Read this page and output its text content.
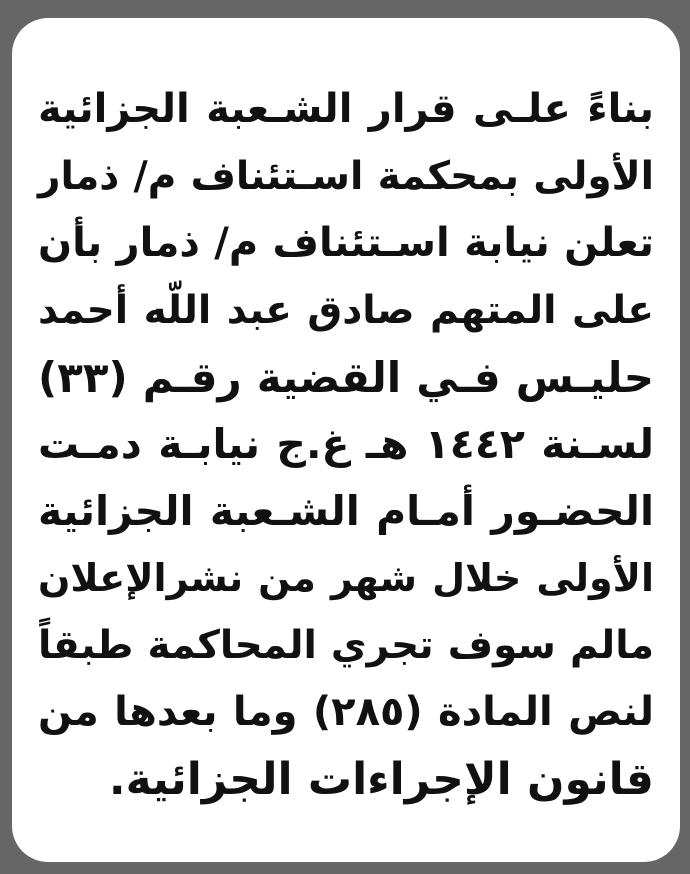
بناءً علـى قرار الشـعبة الجزائية
الأولى بمحكمة اسـتئناف م/ ذمار
تعلن نيابة اسـتئناف م/ ذمار بأن
على المتهم صادق عبد اللّه أحمد
حليـس فـي القضية رقـم (٣٣)
لسـنة ١٤٤٢ هـ غ.ج نيابـة دمـت
الحضـور أمـام الشـعبة الجزائية
الأولى خلال شهر من نشرالإعلان
مالم سوف تجري المحاكمة طبقاً
لنص المادة (٢٨٥) وما بعدها من
قانون الإجراءات الجزائية.
